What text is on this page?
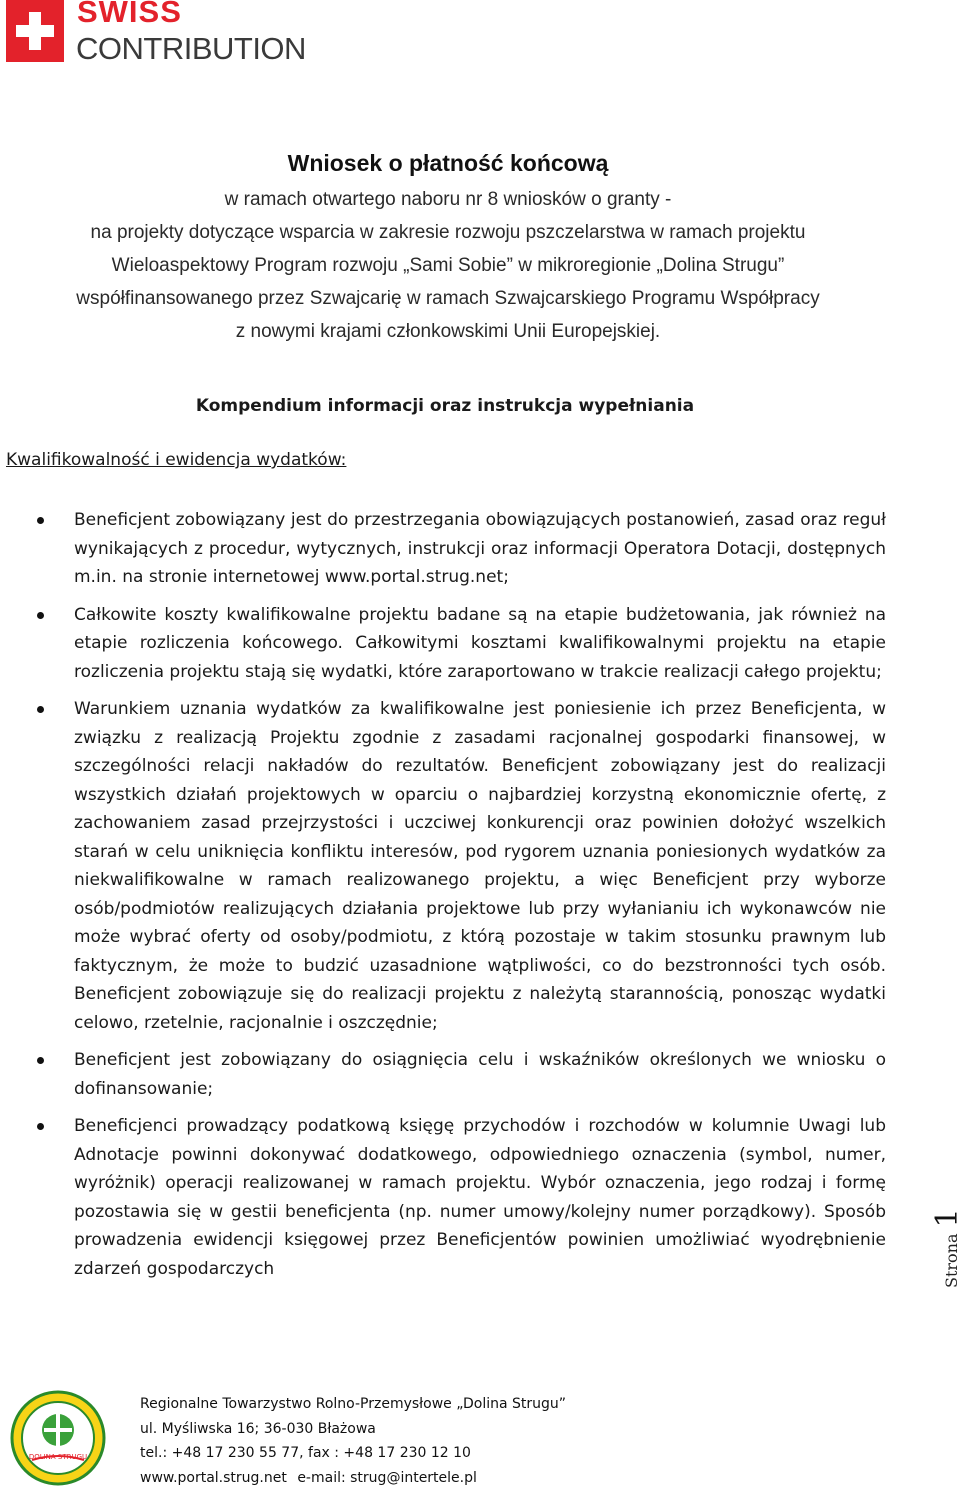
SWISS
CONTRIBUTION
Wniosek o płatność końcową
w ramach otwartego naboru nr 8 wniosków o granty -
na projekty dotyczące wsparcia w zakresie rozwoju pszczelarstwa w ramach projektu
Wieloaspektowy Program rozwoju „Sami Sobie” w mikroregionie „Dolina Strugu”
współfinansowanego przez Szwajcarię w ramach Szwajcarskiego Programu Współpracy
z nowymi krajami członkowskimi Unii Europejskiej.
Kompendium informacji oraz instrukcja wypełniania
Kwalifikowalność i ewidencja wydatków:
Beneficjent zobowiązany jest do przestrzegania obowiązujących postanowień, zasad oraz reguł wynikających z procedur, wytycznych, instrukcji oraz informacji Operatora Dotacji, dostępnych m.in. na stronie internetowej www.portal.strug.net;
Całkowite koszty kwalifikowalne projektu badane są na etapie budżetowania, jak również na etapie rozliczenia końcowego. Całkowitymi kosztami kwalifikowalnymi projektu na etapie rozliczenia projektu stają się wydatki, które zaraportowano w trakcie realizacji całego projektu;
Warunkiem uznania wydatków za kwalifikowalne jest poniesienie ich przez Beneficjenta, w związku z realizacją Projektu zgodnie z zasadami racjonalnej gospodarki finansowej, w szczególności relacji nakładów do rezultatów. Beneficjent zobowiązany jest do realizacji wszystkich działań projektowych w oparciu o najbardziej korzystną ekonomicznie ofertę, z zachowaniem zasad przejrzystości i uczciwej konkurencji oraz powinien dołożyć wszelkich starań w celu uniknięcia konfliktu interesów, pod rygorem uznania poniesionych wydatków za niekwalifikowalne w ramach realizowanego projektu, a więc Beneficjent przy wyborze osób/podmiotów realizujących działania projektowe lub przy wyłanianiu ich wykonawców nie może wybrać oferty od osoby/podmiotu, z którą pozostaje w takim stosunku prawnym lub faktycznym, że może to budzić uzasadnione wątpliwości, co do bezstronności tych osób. Beneficjent zobowiązuje się do realizacji projektu z należytą starannością, ponosząc wydatki celowo, rzetelnie, racjonalnie i oszczędnie;
Beneficjent jest zobowiązany do osiągnięcia celu i wskaźników określonych we wniosku o dofinansowanie;
Beneficjenci prowadzący podatkową księgę przychodów i rozchodów w kolumnie Uwagi lub Adnotacje powinni dokonywać dodatkowego, odpowiedniego oznaczenia (symbol, numer, wyróżnik) operacji realizowanej w ramach projektu. Wybór oznaczenia, jego rodzaj i formę pozostawia się w gestii beneficjenta (np. numer umowy/kolejny numer porządkowy). Sposób prowadzenia ewidencji księgowej przez Beneficjentów powinien umożliwiać wyodrębnienie zdarzeń gospodarczych	Strona1
DOLINA STRUGU
Regionalne Towarzystwo Rolno-Przemysłowe „Dolina Strugu”
ul. Myśliwska 16; 36-030 Błażowa
tel.: +48 17 230 55 77, fax : +48 17 230 12 10
www.portal.strug.net e-mail: strug@intertele.pl
